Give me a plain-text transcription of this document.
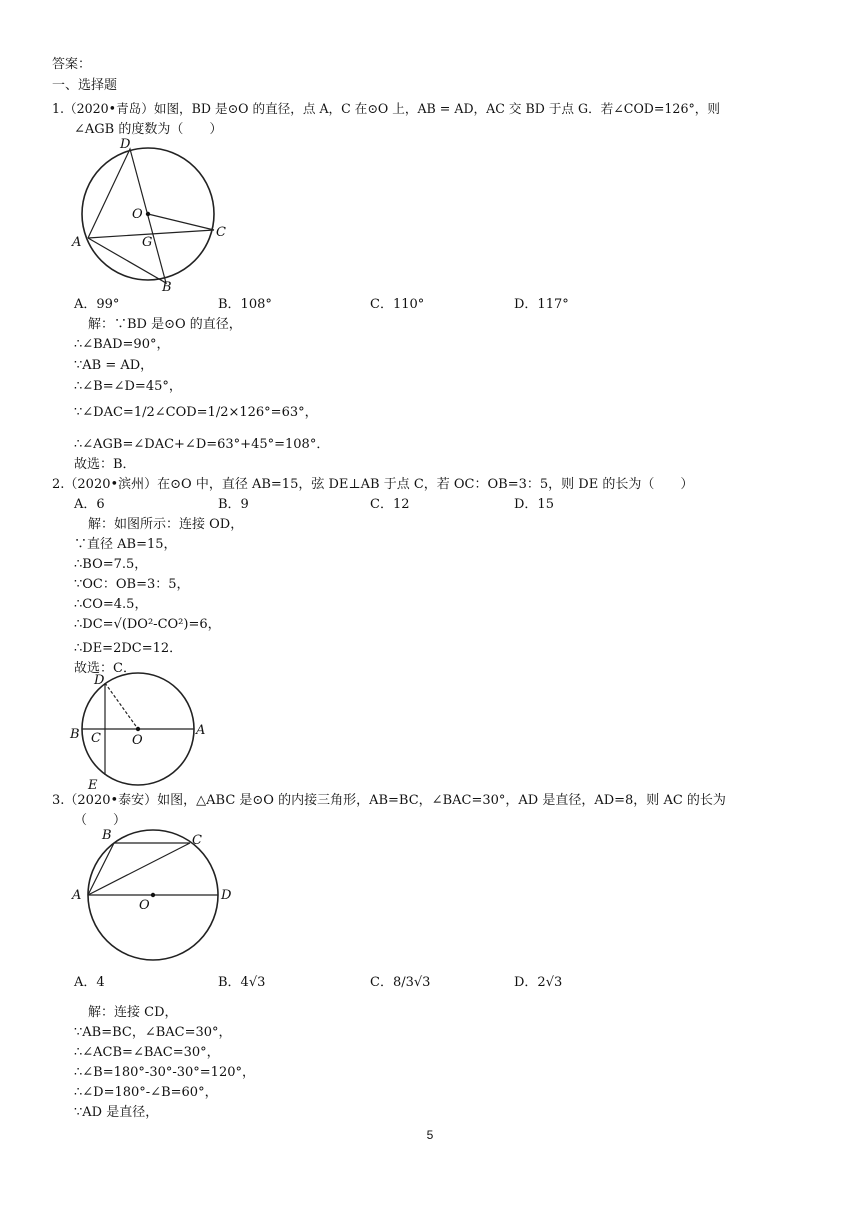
答案：
一、选择题
1.（2020•青岛）如图，BD 是⊙O 的直径，点 A，C 在⊙O 上，AB = AD，AC 交 BD 于点 G．若∠COD=126°，则
∠AGB 的度数为（　　）
D
O
C
A	G
B
A．99°	B．108°	C．110°	D．117°
解：∵BD 是⊙O 的直径，
∴∠BAD=90°，
∵AB = AD，
∴∠B=∠D=45°，
∵∠DAC=1/2∠COD=1/2×126°=63°，
∴∠AGB=∠DAC+∠D=63°+45°=108°．
故选：B．
2.（2020•滨州）在⊙O 中，直径 AB=15，弦 DE⊥AB 于点 C，若 OC：OB=3：5，则 DE 的长为（　　）
A．6	B．9	C．12	D．15
解：如图所示：连接 OD，
∵直径 AB=15，
∴BO=7.5，
∵OC：OB=3：5，
∴CO=4.5，
∴DC=√(DO²-CO²)=6，
∴DE=2DC=12．
故选：C．
D
B C O
A
E
3.（2020•泰安）如图，△ABC 是⊙O 的内接三角形，AB=BC，∠BAC=30°，AD 是直径，AD=8，则 AC 的长为
（　　）
B	C
A
O
D
A．4	B．4√3	C．8/3√3	D．2√3
解：连接 CD，
∵AB=BC，∠BAC=30°，
∴∠ACB=∠BAC=30°，
∴∠B=180°-30°-30°=120°，
∴∠D=180°-∠B=60°，
∵AD 是直径，
5
